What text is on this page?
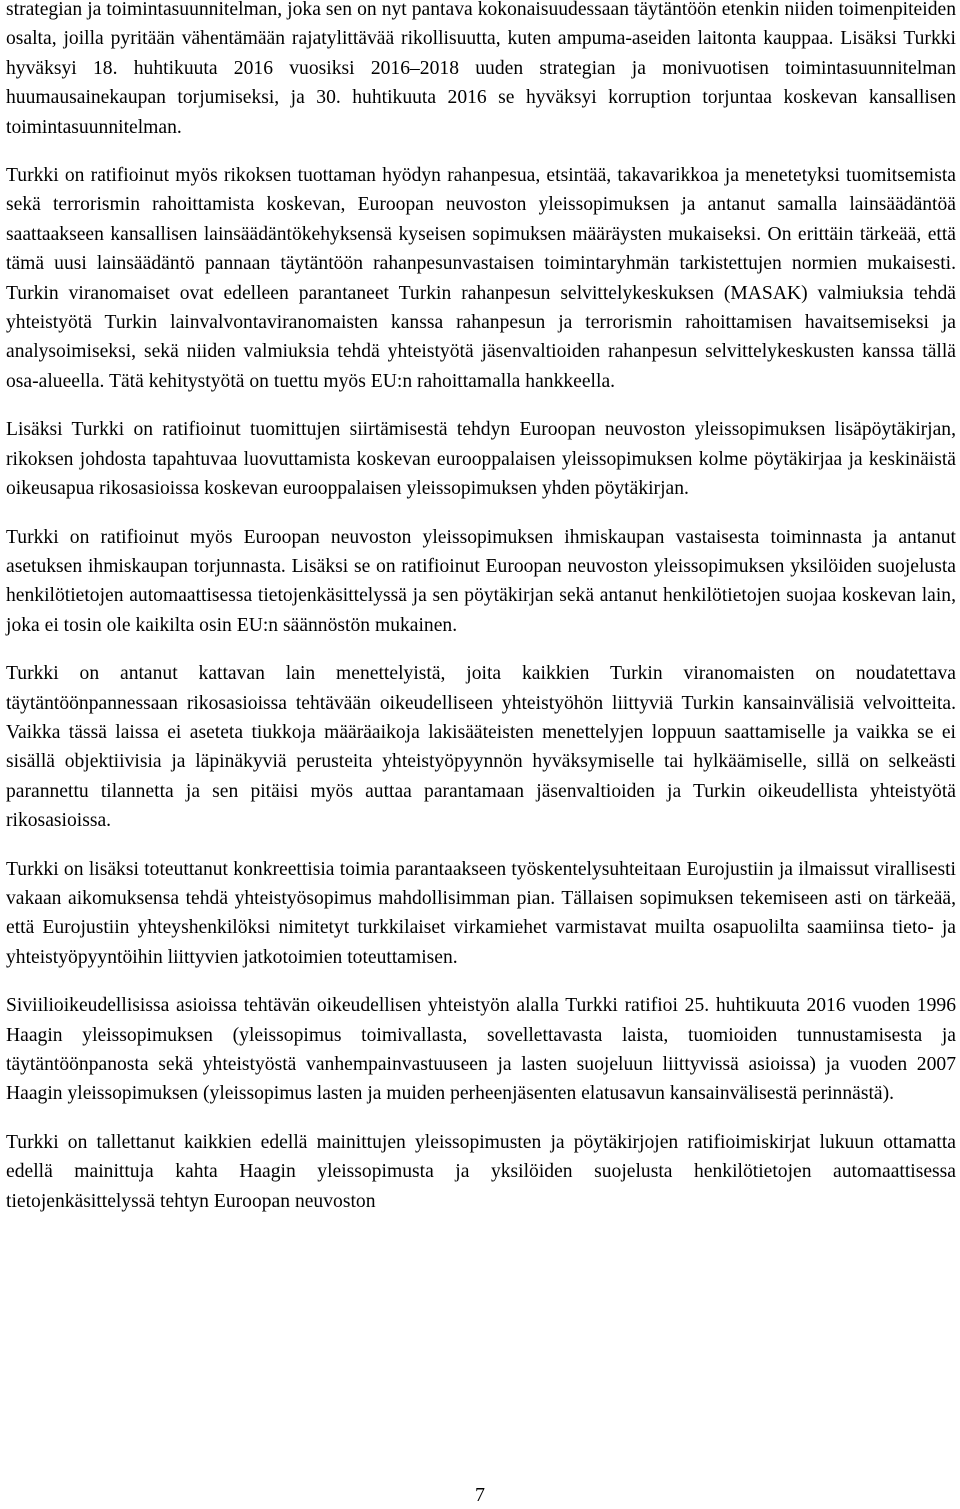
strategian ja toimintasuunnitelman, joka sen on nyt pantava kokonaisuudessaan täytäntöön etenkin niiden toimenpiteiden osalta, joilla pyritään vähentämään rajatylittävää rikollisuutta, kuten ampuma-aseiden laitonta kauppaa. Lisäksi Turkki hyväksyi 18. huhtikuuta 2016 vuosiksi 2016–2018 uuden strategian ja monivuotisen toimintasuunnitelman huumausainekaupan torjumiseksi, ja 30. huhtikuuta 2016 se hyväksyi korruption torjuntaa koskevan kansallisen toimintasuunnitelman.

Turkki on ratifioinut myös rikoksen tuottaman hyödyn rahanpesua, etsintää, takavarikkoa ja menetetyksi tuomitsemista sekä terrorismin rahoittamista koskevan, Euroopan neuvoston yleissopimuksen ja antanut samalla lainsäädäntöä saattaakseen kansallisen lainsäädäntökehyksensä kyseisen sopimuksen määräysten mukaiseksi. On erittäin tärkeää, että tämä uusi lainsäädäntö pannaan täytäntöön rahanpesunvastaisen toimintaryhmän tarkistettujen normien mukaisesti. Turkin viranomaiset ovat edelleen parantaneet Turkin rahanpesun selvittelykeskuksen (MASAK) valmiuksia tehdä yhteistyötä Turkin lainvalvontaviranomaisten kanssa rahanpesun ja terrorismin rahoittamisen havaitsemiseksi ja analysoimiseksi, sekä niiden valmiuksia tehdä yhteistyötä jäsenvaltioiden rahanpesun selvittelykeskusten kanssa tällä osa-alueella. Tätä kehitystyötä on tuettu myös EU:n rahoittamalla hankkeella.

Lisäksi Turkki on ratifioinut tuomittujen siirtämisestä tehdyn Euroopan neuvoston yleissopimuksen lisäpöytäkirjan, rikoksen johdosta tapahtuvaa luovuttamista koskevan eurooppalaisen yleissopimuksen kolme pöytäkirjaa ja keskinäistä oikeusapua rikosasioissa koskevan eurooppalaisen yleissopimuksen yhden pöytäkirjan.

Turkki on ratifioinut myös Euroopan neuvoston yleissopimuksen ihmiskaupan vastaisesta toiminnasta ja antanut asetuksen ihmiskaupan torjunnasta. Lisäksi se on ratifioinut Euroopan neuvoston yleissopimuksen yksilöiden suojelusta henkilötietojen automaattisessa tietojenkäsittelyssä ja sen pöytäkirjan sekä antanut henkilötietojen suojaa koskevan lain, joka ei tosin ole kaikilta osin EU:n säännöstön mukainen.

Turkki on antanut kattavan lain menettelyistä, joita kaikkien Turkin viranomaisten on noudatettava täytäntöönpannessaan rikosasioissa tehtävään oikeudelliseen yhteistyöhön liittyviä Turkin kansainvälisiä velvoitteita. Vaikka tässä laissa ei aseteta tiukkoja määräaikoja lakisääteisten menettelyjen loppuun saattamiselle ja vaikka se ei sisällä objektiivisia ja läpinäkyviä perusteita yhteistyöpyynnön hyväksymiselle tai hylkäämiselle, sillä on selkeästi parannettu tilannetta ja sen pitäisi myös auttaa parantamaan jäsenvaltioiden ja Turkin oikeudellista yhteistyötä rikosasioissa.

Turkki on lisäksi toteuttanut konkreettisia toimia parantaakseen työskentelysuhteitaan Eurojustiin ja ilmaissut virallisesti vakaan aikomuksensa tehdä yhteistyösopimus mahdollisimman pian. Tällaisen sopimuksen tekemiseen asti on tärkeää, että Eurojustiin yhteyshenkilöksi nimitetyt turkkilaiset virkamiehet varmistavat muilta osapuolilta saamiinsa tieto- ja yhteistyöpyyntöihin liittyvien jatkotoimien toteuttamisen.

Siviilioikeudellisissa asioissa tehtävän oikeudellisen yhteistyön alalla Turkki ratifioi 25. huhtikuuta 2016 vuoden 1996 Haagin yleissopimuksen (yleissopimus toimivallasta, sovellettavasta laista, tuomioiden tunnustamisesta ja täytäntöönpanosta sekä yhteistyöstä vanhempainvastuuseen ja lasten suojeluun liittyvissä asioissa) ja vuoden 2007 Haagin yleissopimuksen (yleissopimus lasten ja muiden perheenjäsenten elatusavun kansainvälisestä perinnästä).

Turkki on tallettanut kaikkien edellä mainittujen yleissopimusten ja pöytäkirjojen ratifioimiskirjat lukuun ottamatta edellä mainittuja kahta Haagin yleissopimusta ja yksilöiden suojelusta henkilötietojen automaattisessa tietojenkäsittelyssä tehtyn Euroopan neuvoston

7
